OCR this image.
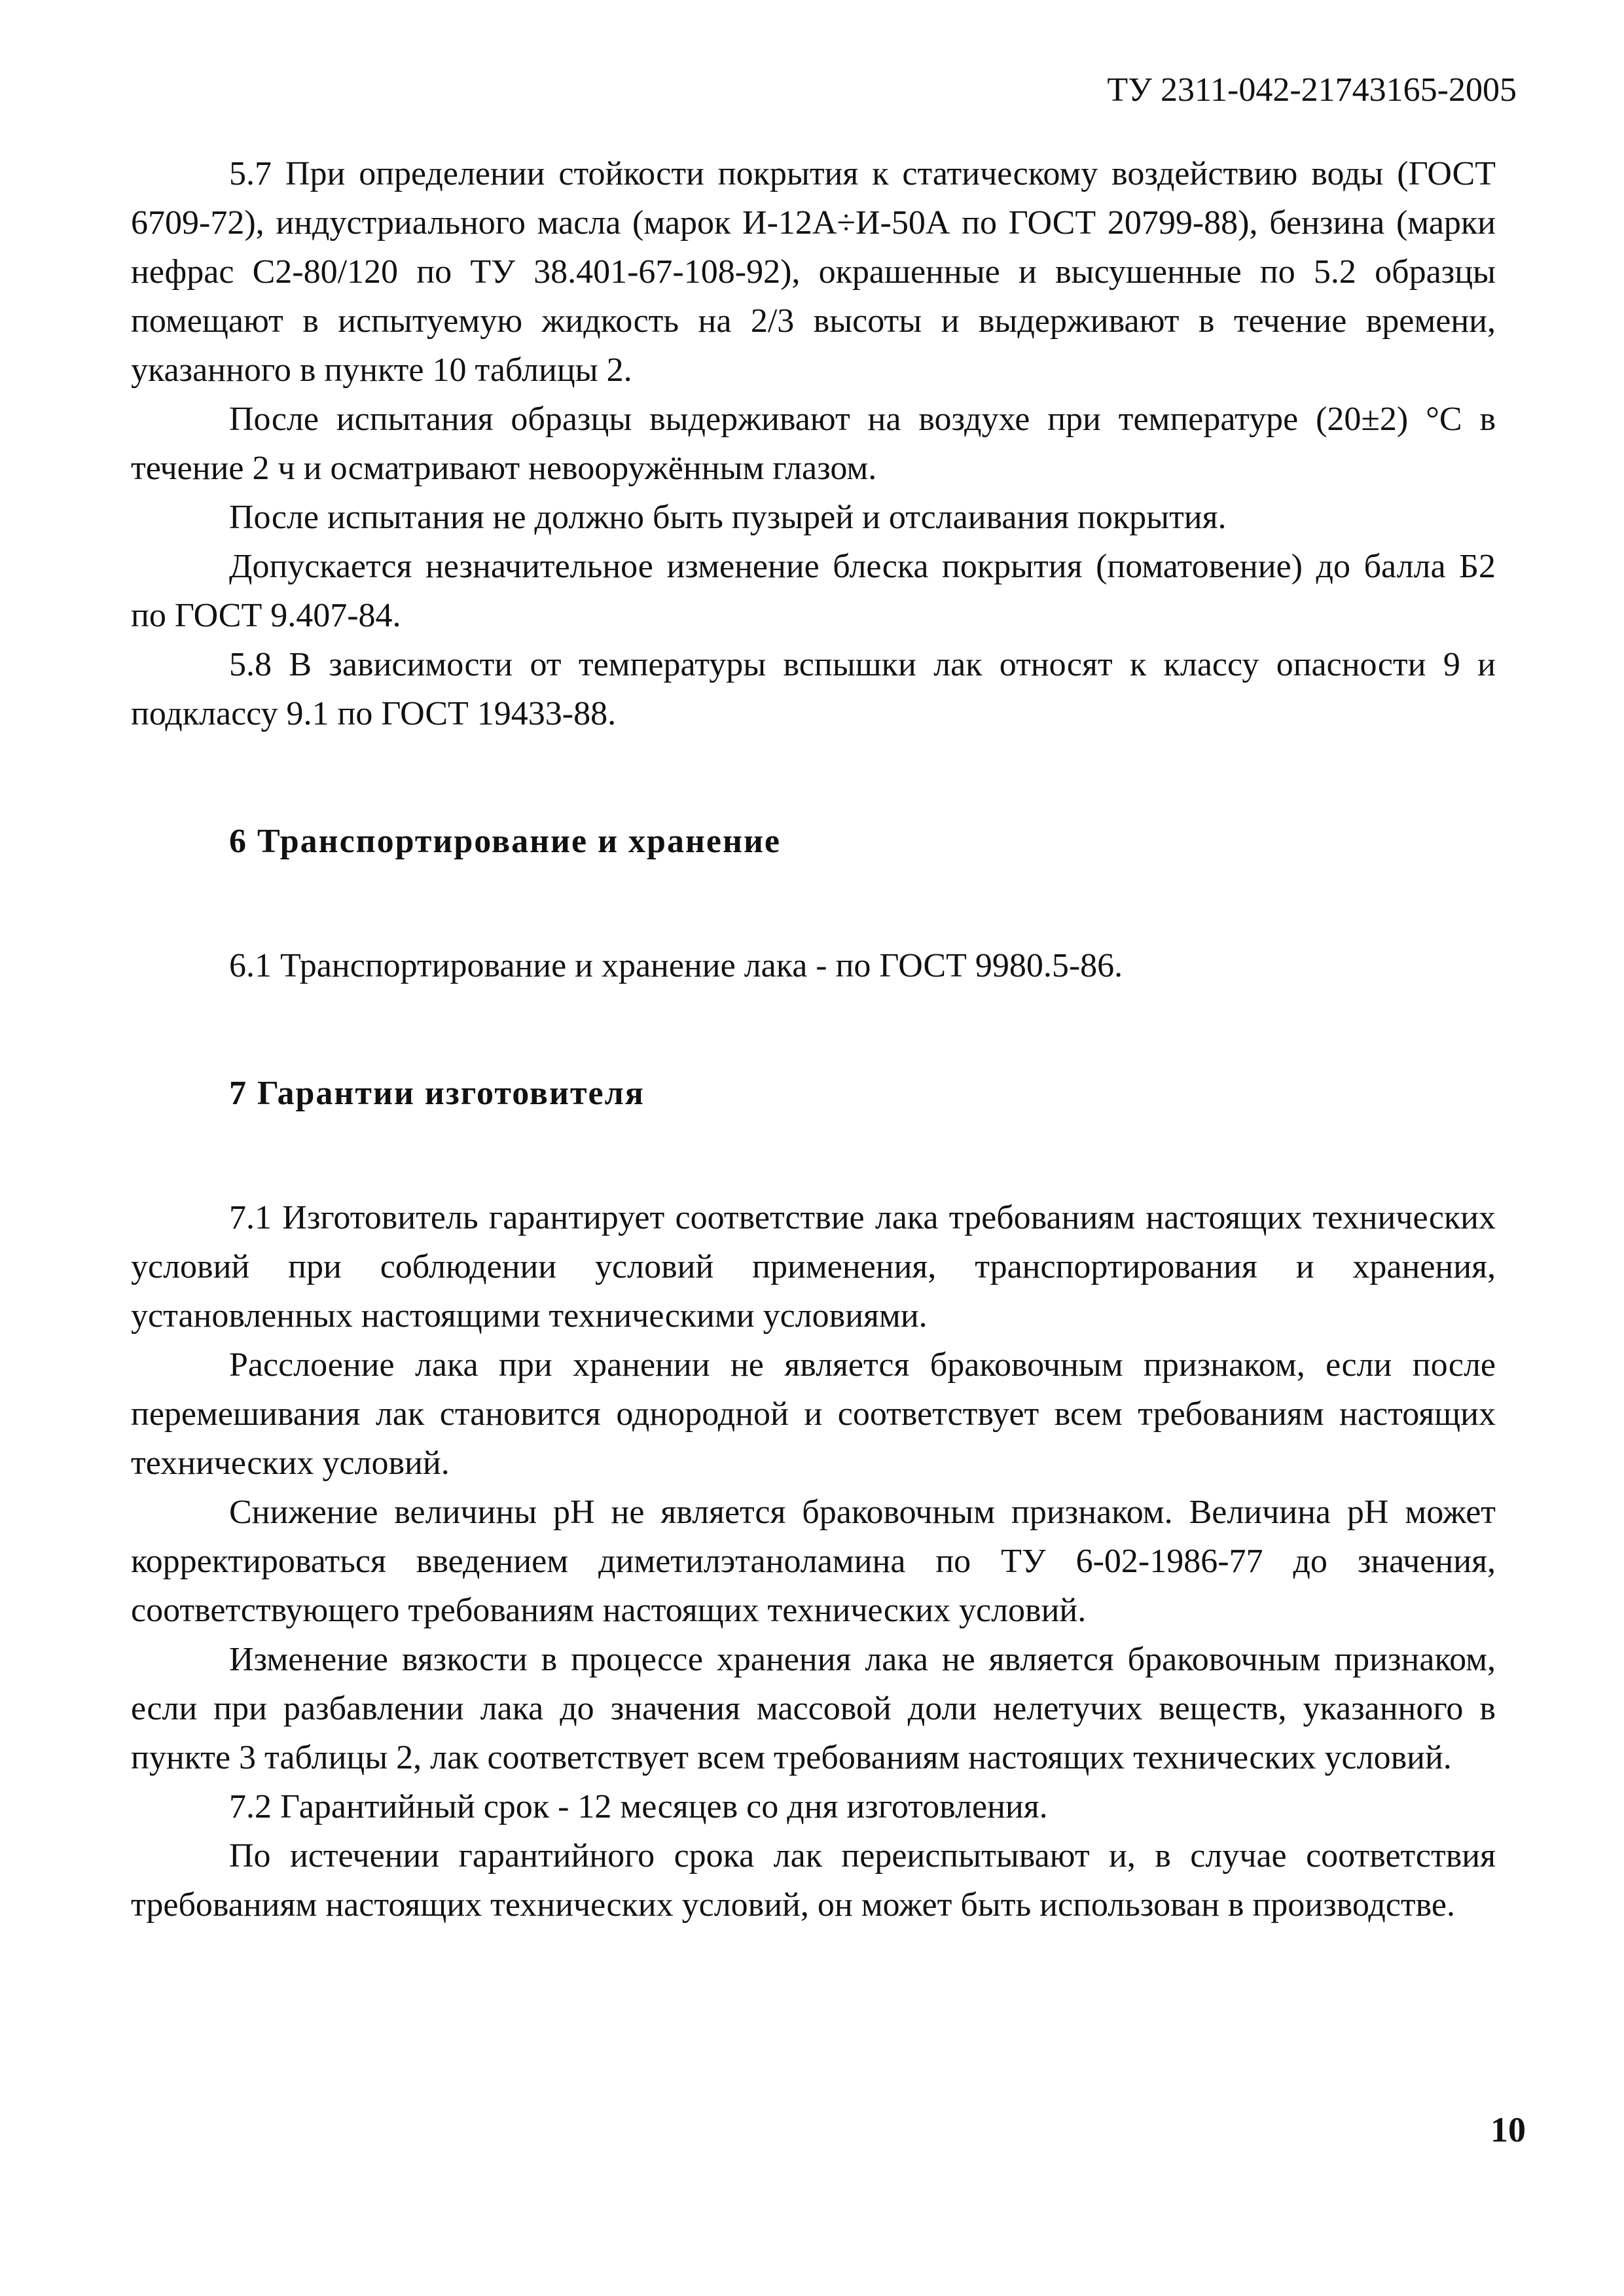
ТУ 2311-042-21743165-2005

5.7 При определении стойкости покрытия к статическому воздействию воды (ГОСТ 6709-72), индустриального масла (марок И-12А÷И-50А по ГОСТ 20799-88), бензина (марки нефрас С2-80/120 по ТУ 38.401-67-108-92), окрашенные и высушенные по 5.2 образцы помещают в испытуемую жидкость на 2/3 высоты и выдерживают в течение времени, указанного в пункте 10 таблицы 2.

После испытания образцы выдерживают на воздухе при температуре (20±2) °С в течение 2 ч и осматривают невооружённым глазом.

После испытания не должно быть пузырей и отслаивания покрытия.

Допускается незначительное изменение блеска покрытия (поматовение) до балла Б2 по ГОСТ 9.407-84.

5.8 В зависимости от температуры вспышки лак относят к классу опасности 9 и подклассу 9.1 по ГОСТ 19433-88.

6 Транспортирование и хранение

6.1 Транспортирование и хранение лака - по ГОСТ 9980.5-86.

7 Гарантии изготовителя

7.1 Изготовитель гарантирует соответствие лака требованиям настоящих технических условий при соблюдении условий применения, транспортирования и хранения, установленных настоящими техническими условиями.

Расслоение лака при хранении не является браковочным признаком, если после перемешивания лак становится однородной и соответствует всем требованиям настоящих технических условий.

Снижение величины рН не является браковочным признаком. Величина рН может корректироваться введением диметилэтаноламина по ТУ 6-02-1986-77 до значения, соответствующего требованиям настоящих технических условий.

Изменение вязкости в процессе хранения лака не является браковочным признаком, если при разбавлении лака до значения массовой доли нелетучих веществ, указанного в пункте 3 таблицы 2, лак соответствует всем требованиям настоящих технических условий.

7.2 Гарантийный срок - 12 месяцев со дня изготовления.

По истечении гарантийного срока лак переиспытывают и, в случае соответствия требованиям настоящих технических условий, он может быть использован в производстве.

10
